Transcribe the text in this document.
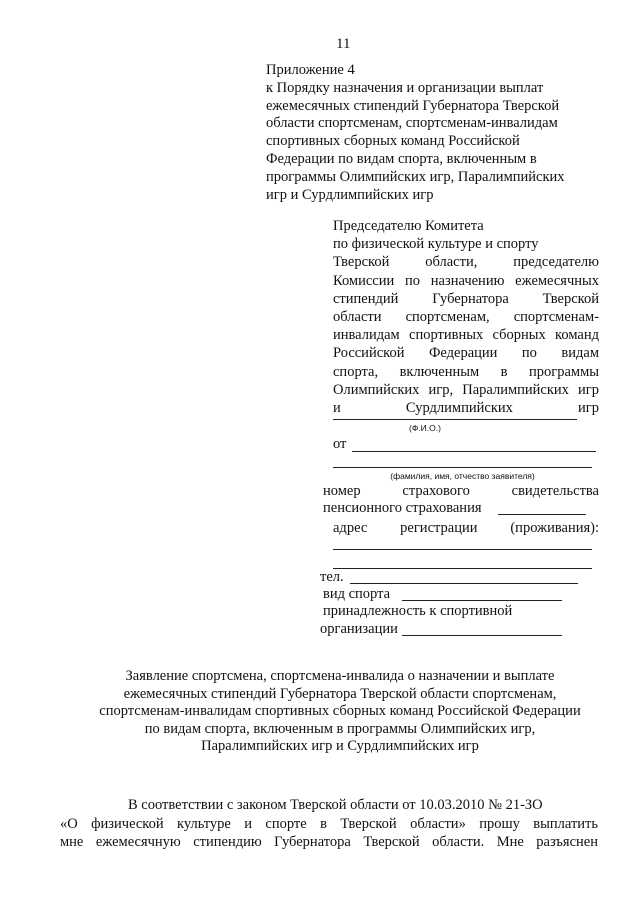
11
Приложение 4
к Порядку назначения и организации выплат
ежемесячных стипендий Губернатора Тверской
области спортсменам, спортсменам-инвалидам
спортивных сборных команд Российской
Федерации по видам спорта, включенным в
программы Олимпийских игр, Паралимпийских
игр и Сурдлимпийских игр
Председателю Комитета
по физической культуре и спорту
Тверской области, председателю
Комиссии по назначению ежемесячных
стипендий Губернатора Тверской
области спортсменам, спортсменам-
инвалидам спортивных сборных команд
Российской Федерации по видам
спорта, включенным в программы
Олимпийских игр, Паралимпийских игр
и Сурдлимпийских игр
(Ф.И.О.)
от
(фамилия, имя, отчество заявителя)
номер страхового свидетельства
пенсионного страхования
адрес регистрации (проживания):
тел.
вид спорта
принадлежность к спортивной
организации
Заявление спортсмена, спортсмена-инвалида о назначении и выплате
ежемесячных стипендий Губернатора Тверской области спортсменам,
спортсменам-инвалидам спортивных сборных команд Российской Федерации
по видам спорта, включенным в программы Олимпийских игр,
Паралимпийских игр и Сурдлимпийских игр
В соответствии с законом Тверской области от 10.03.2010 № 21-ЗО
«О физической культуре и спорте в Тверской области» прошу выплатить
мне ежемесячную стипендию Губернатора Тверской области. Мне разъяснен
